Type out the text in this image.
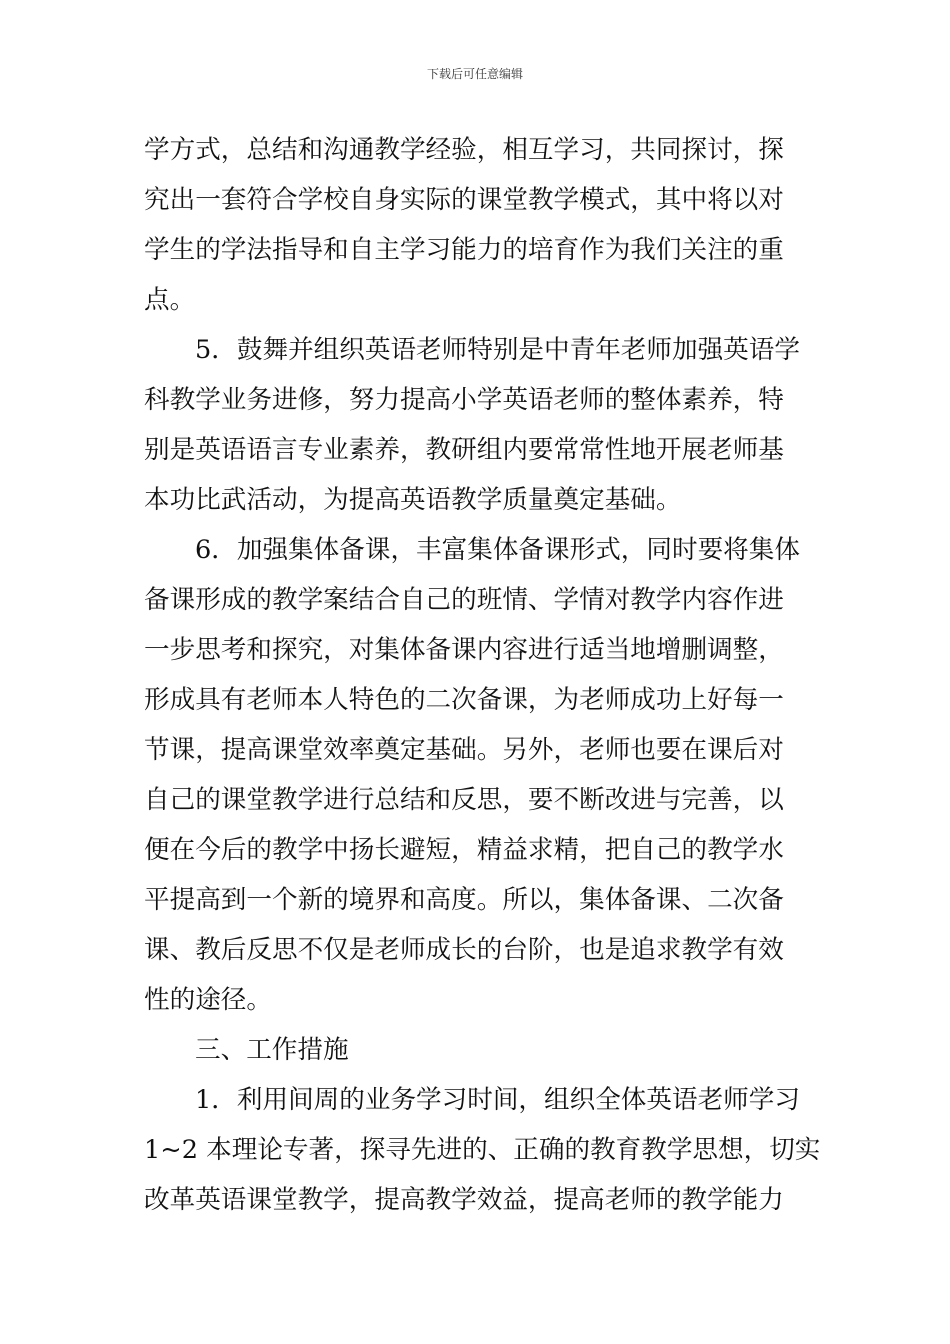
下载后可任意编辑
学方式，总结和沟通教学经验，相互学习，共同探讨，探
究出一套符合学校自身实际的课堂教学模式，其中将以对
学生的学法指导和自主学习能力的培育作为我们关注的重
点。
5．鼓舞并组织英语老师特别是中青年老师加强英语学
科教学业务进修，努力提高小学英语老师的整体素养，特
别是英语语言专业素养，教研组内要常常性地开展老师基
本功比武活动，为提高英语教学质量奠定基础。
6．加强集体备课，丰富集体备课形式，同时要将集体
备课形成的教学案结合自己的班情、学情对教学内容作进
一步思考和探究，对集体备课内容进行适当地增删调整，
形成具有老师本人特色的二次备课，为老师成功上好每一
节课，提高课堂效率奠定基础。另外，老师也要在课后对
自己的课堂教学进行总结和反思，要不断改进与完善，以
便在今后的教学中扬长避短，精益求精，把自己的教学水
平提高到一个新的境界和高度。所以，集体备课、二次备
课、教后反思不仅是老师成长的台阶，也是追求教学有效
性的途径。
三、工作措施
1．利用间周的业务学习时间，组织全体英语老师学习
1~2 本理论专著，探寻先进的、正确的教育教学思想，切实
改革英语课堂教学，提高教学效益，提高老师的教学能力
